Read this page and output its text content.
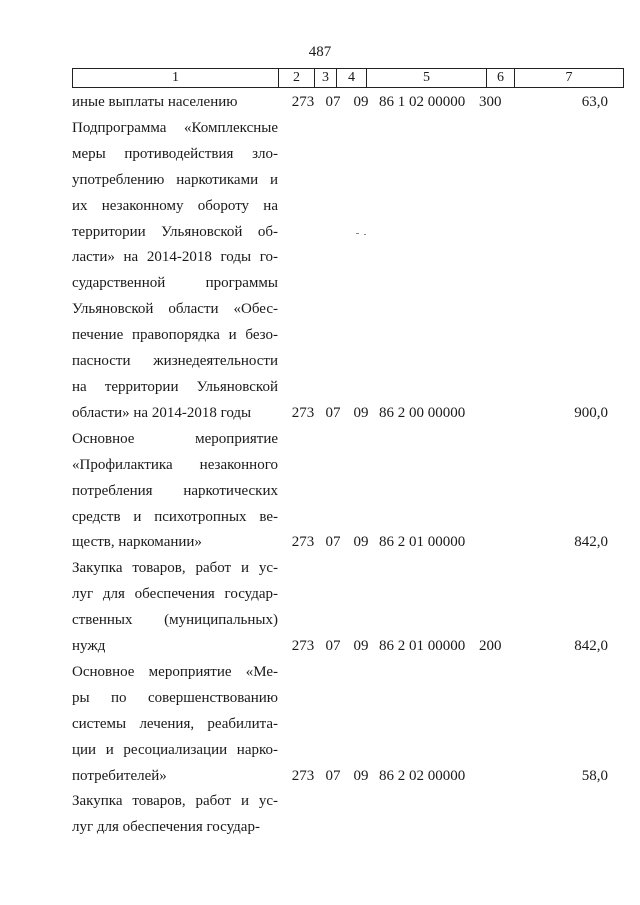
487
1	2	3	4	5	6	7
иные выплаты населению	273 07 09 86 1 02 00000 300	63,0
Подпрограмма «Комплексные
меры противодействия зло-
употреблению наркотиками и
их незаконному обороту на
территории Ульяновской об-
ласти» на 2014-2018 годы го-
сударственной программы
Ульяновской области «Обес-
печение правопорядка и безо-
пасности жизнедеятельности
на территории Ульяновской
области» на 2014-2018 годы	273 07 09 86 2 00 00000	900,0
Основное мероприятие
«Профилактика незаконного
потребления наркотических
средств и психотропных ве-
ществ, наркомании»	273 07 09 86 2 01 00000	842,0
Закупка товаров, работ и ус-
луг для обеспечения государ-
ственных (муниципальных)
нужд	273 07 09 86 2 01 00000 200	842,0
Основное мероприятие «Ме-
ры по совершенствованию
системы лечения, реабилита-
ции и ресоциализации нарко-
потребителей»	273 07 09 86 2 02 00000	58,0
Закупка товаров, работ и ус-
луг для обеспечения государ-
